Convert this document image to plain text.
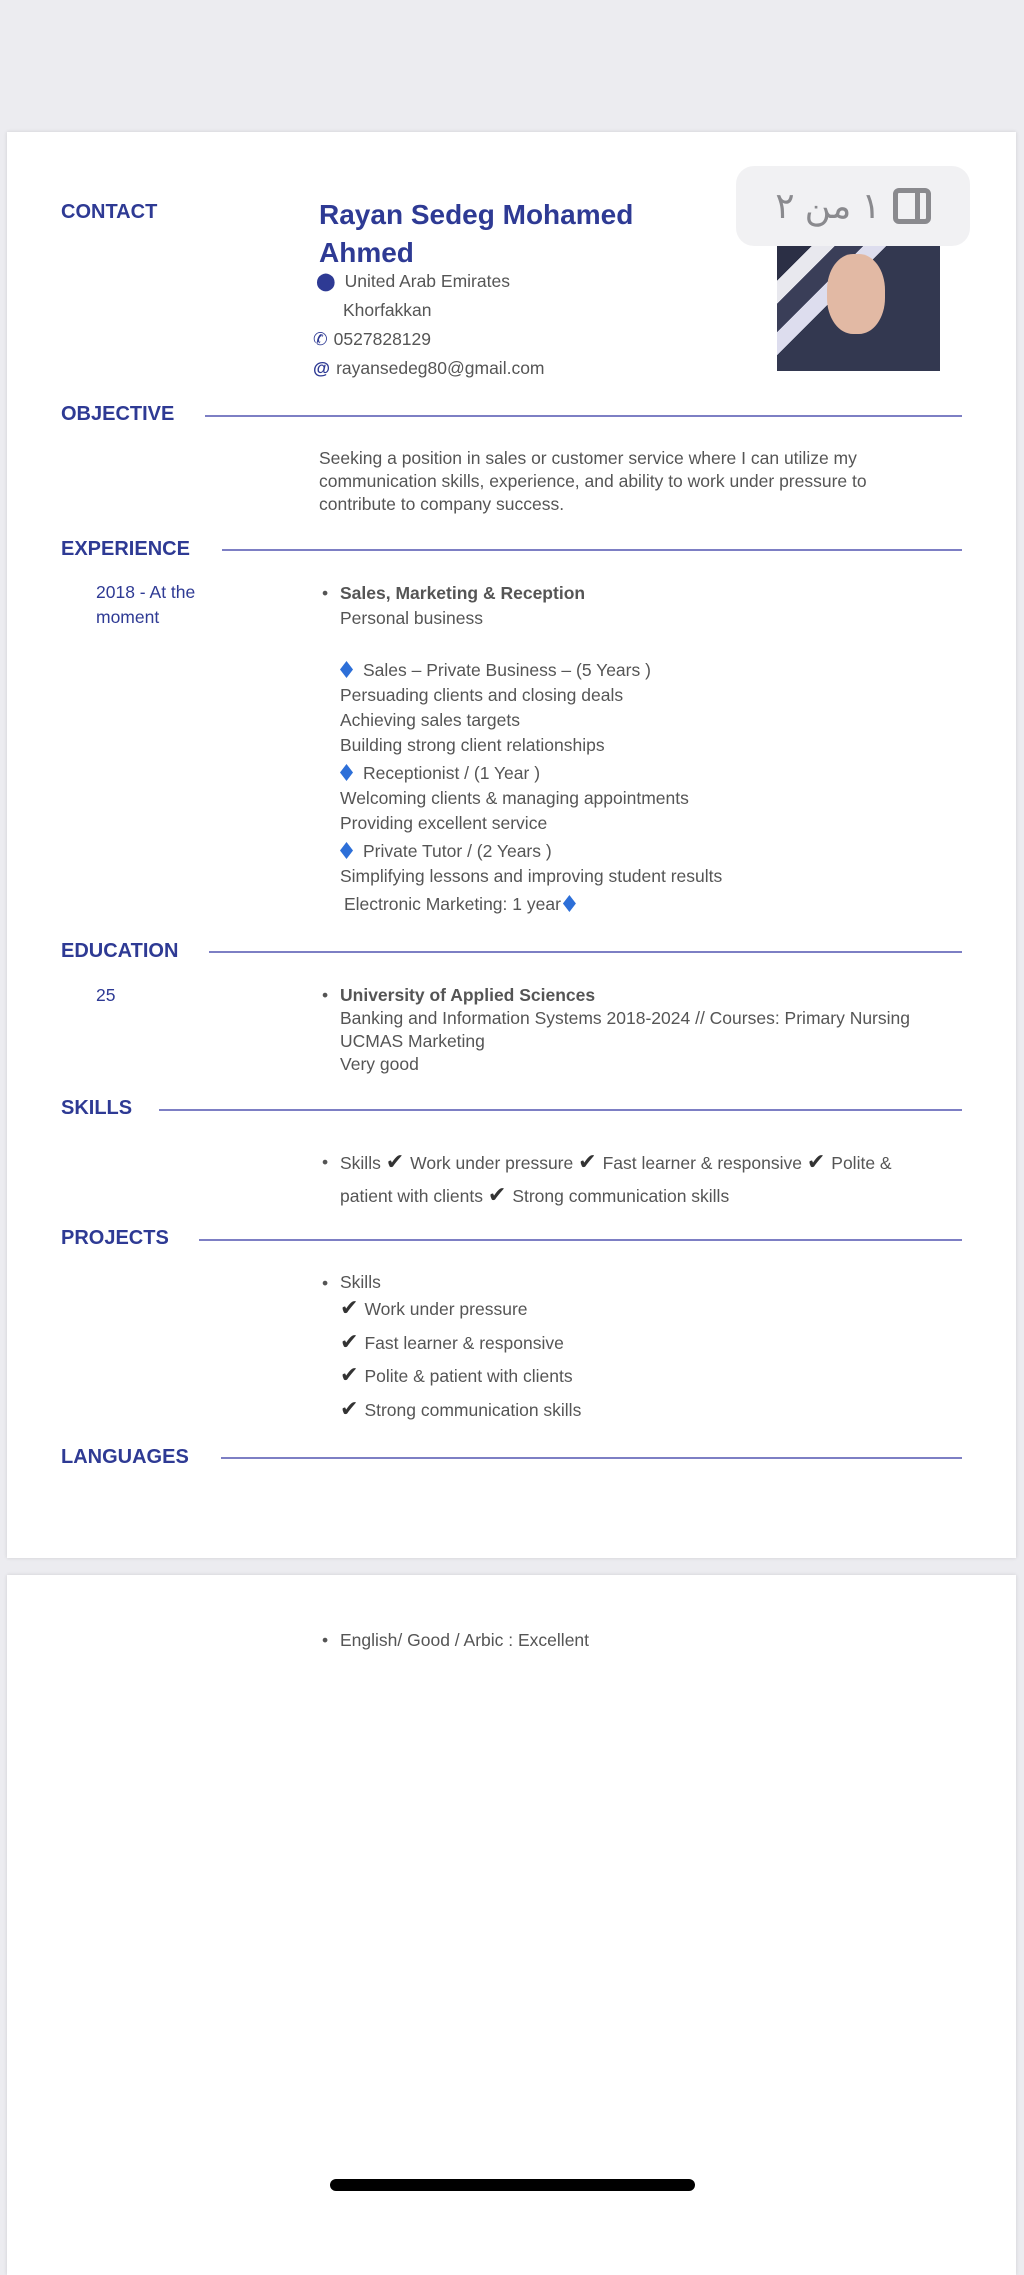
١ من ٢
CONTACT	Rayan Sedeg Mohamed
Ahmed
⬤ United Arab Emirates
Khorfakkan
✆ 0527828129
@ rayansedeg80@gmail.com
OBJECTIVE
Seeking a position in sales or customer service where I can utilize my
communication skills, experience, and ability to work under pressure to
contribute to company success.
EXPERIENCE
2018 - At the
moment
• Sales, Marketing & Reception
Personal business
Sales – Private Business – (5 Years )
Persuading clients and closing deals
Achieving sales targets
Building strong client relationships
Receptionist / (1 Year )
Welcoming clients & managing appointments
Providing excellent service
Private Tutor / (2 Years )
Simplifying lessons and improving student results
Electronic Marketing: 1 year
EDUCATION
25	• University of Applied Sciences
Banking and Information Systems 2018-2024 // Courses: Primary Nursing
UCMAS Marketing
Very good
SKILLS
• Skills ✔ Work under pressure ✔ Fast learner & responsive ✔ Polite &
patient with clients ✔ Strong communication skills
PROJECTS
• Skills
✔ Work under pressure
✔ Fast learner & responsive
✔ Polite & patient with clients
✔ Strong communication skills
LANGUAGES
• English/ Good / Arbic : Excellent
